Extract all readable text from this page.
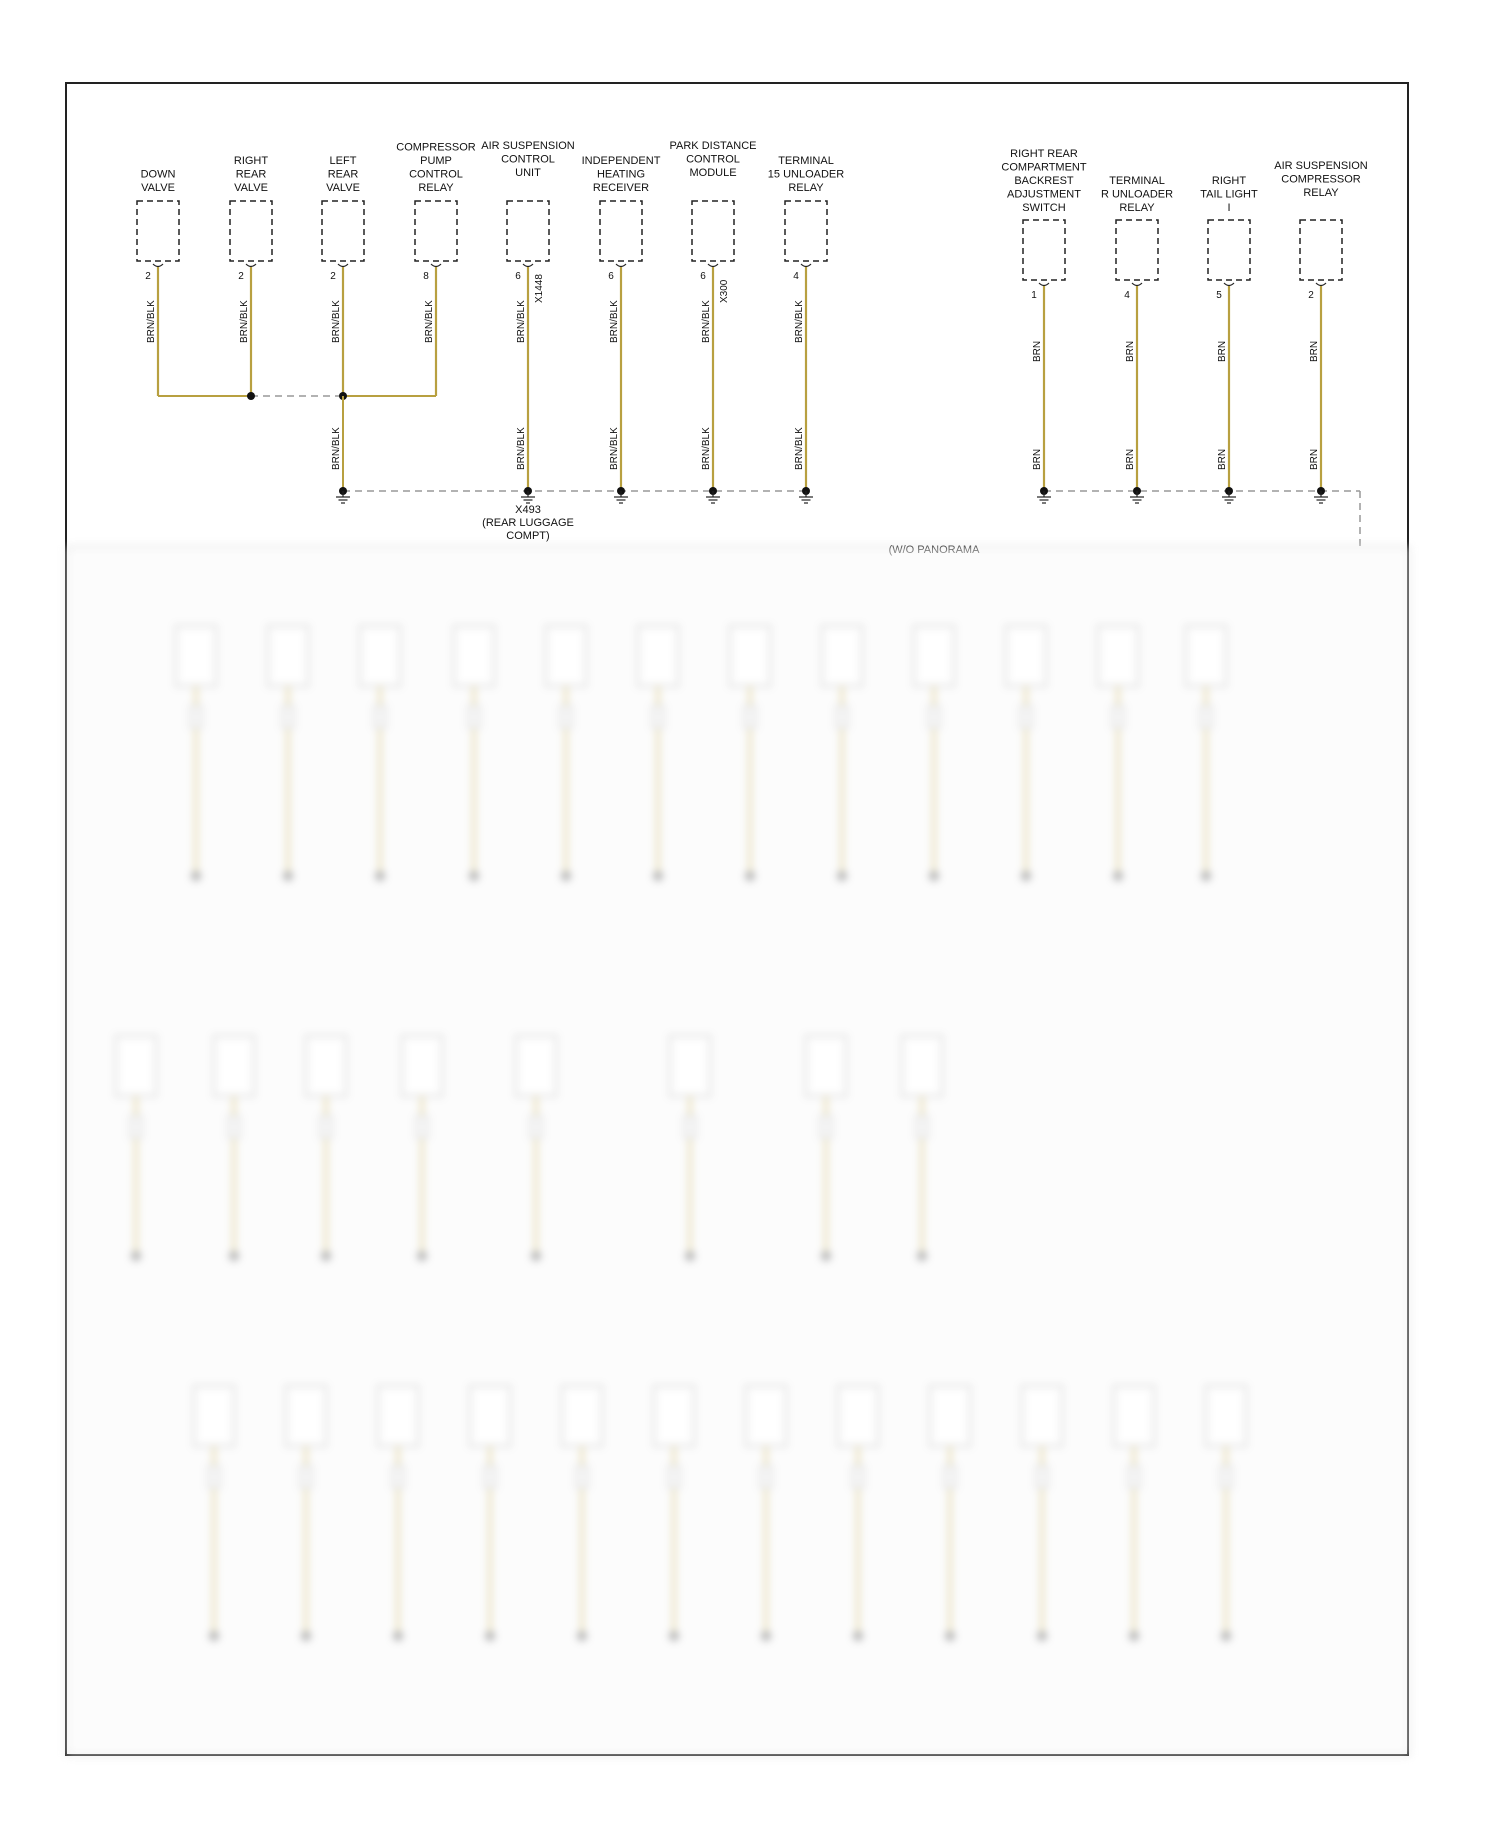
DOWN
VALVE
2
BRN/BLK
RIGHT
REAR
VALVE
2
BRN/BLK
LEFT
REAR
VALVE
2
BRN/BLK
COMPRESSOR
PUMP
CONTROL
RELAY
8
BRN/BLK
AIR SUSPENSION
CONTROL
UNIT
6 X1448
BRN/BLK
BRN/BLK
INDEPENDENT
HEATING
RECEIVER
6
BRN/BLK
BRN/BLK
PARK DISTANCE
CONTROL
MODULE
6
X300
BRN/BLK
BRN/BLK
TERMINAL
15 UNLOADER
RELAY
4
BRN/BLK
BRN/BLK
RIGHT REAR
COMPARTMENT
BACKREST
ADJUSTMENT
SWITCH
1
BRN
BRN
TERMINAL
R UNLOADER
RELAY
4
BRN
BRN
RIGHT
TAIL LIGHT
I
5
BRN
BRN
AIR SUSPENSION
COMPRESSOR
RELAY
2
BRN
BRN
BRN/BLK
X493
(REAR LUGGAGE
COMPT)
